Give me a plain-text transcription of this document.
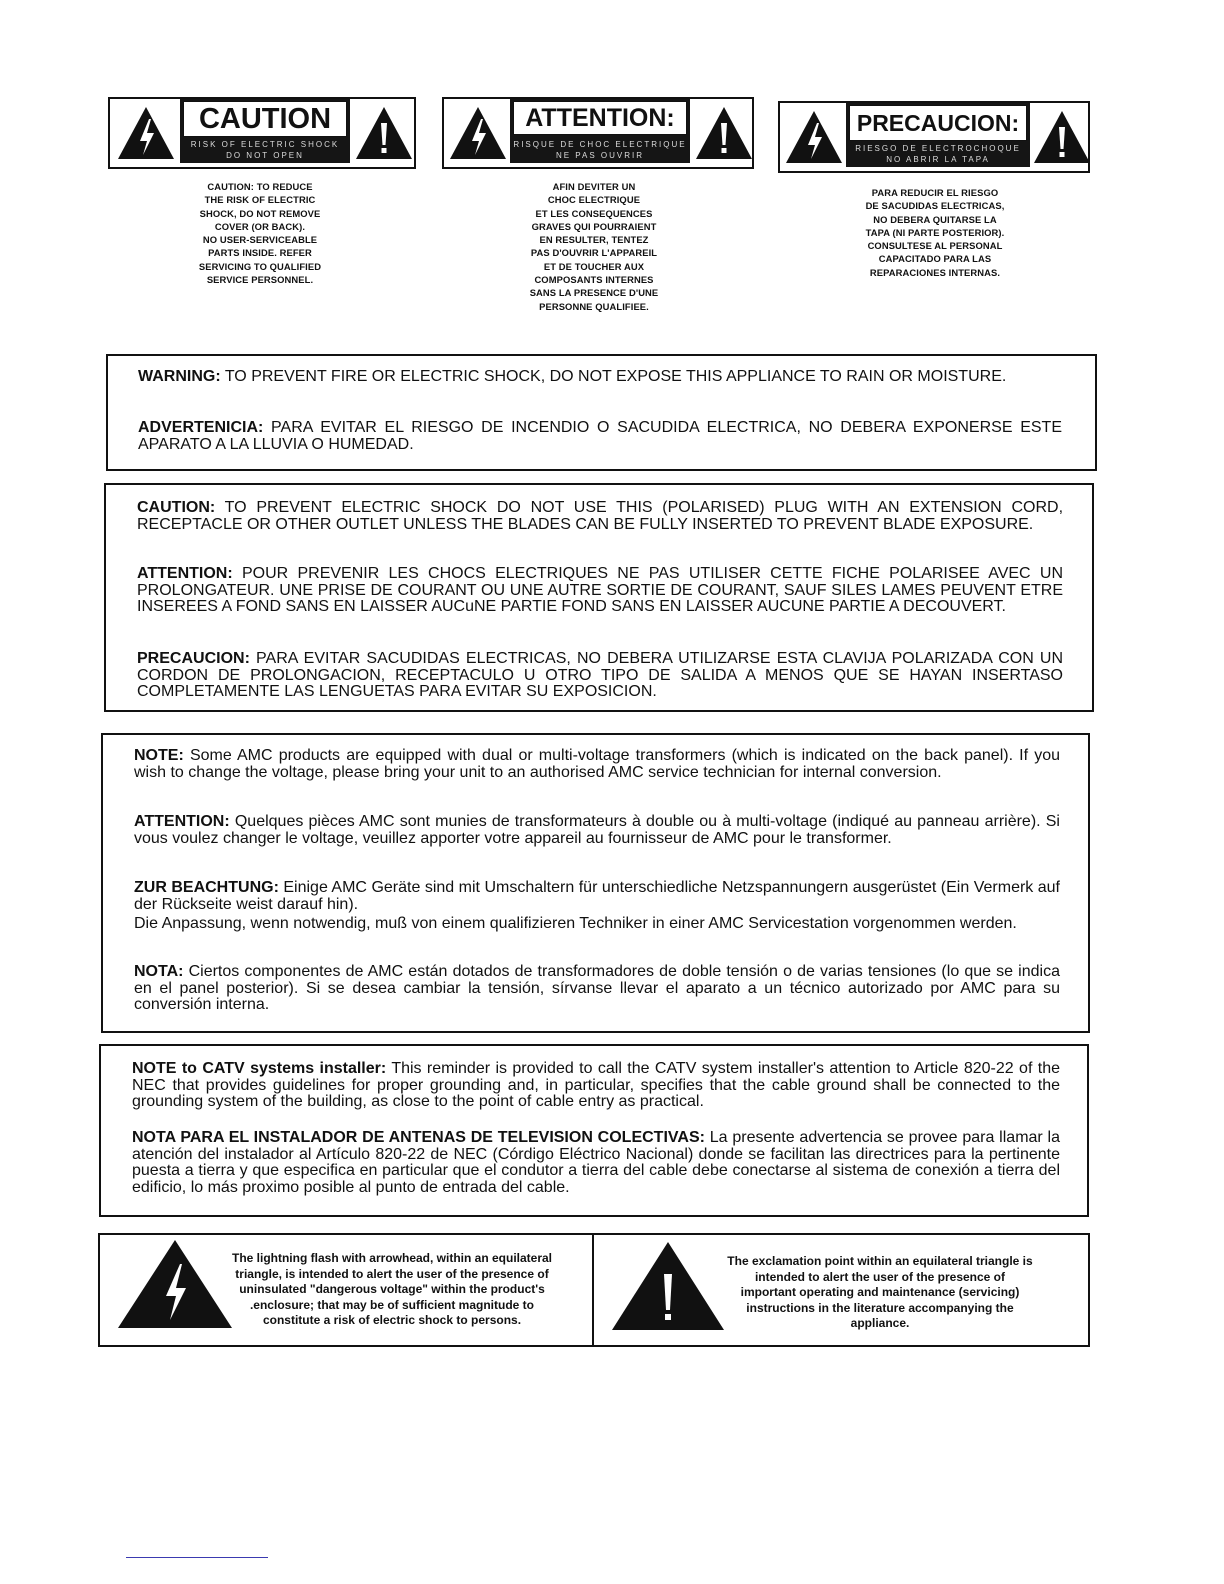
CAUTION
RISK OF ELECTRIC SHOCK
DO NOT OPEN
ATTENTION:
RISQUE DE CHOC ELECTRIQUE
NE PAS OUVRIR
PRECAUCION:
RIESGO DE ELECTROCHOQUE
NO ABRIR LA TAPA
CAUTION: TO REDUCE
THE RISK OF ELECTRIC
SHOCK, DO NOT REMOVE
COVER (OR BACK).
NO USER-SERVICEABLE
PARTS INSIDE. REFER
SERVICING TO QUALIFIED
SERVICE PERSONNEL.
AFIN DEVITER UN
CHOC ELECTRIQUE
ET LES CONSEQUENCES
GRAVES QUI POURRAIENT
EN RESULTER, TENTEZ
PAS D'OUVRIR L'APPAREIL
ET DE TOUCHER AUX
COMPOSANTS INTERNES
SANS LA PRESENCE D'UNE
PERSONNE QUALIFIEE.
PARA REDUCIR EL RIESGO
DE SACUDIDAS ELECTRICAS,
NO DEBERA QUITARSE LA
TAPA (NI PARTE POSTERIOR).
CONSULTESE AL PERSONAL
CAPACITADO PARA LAS
REPARACIONES INTERNAS.
WARNING: TO PREVENT FIRE OR ELECTRIC SHOCK, DO NOT EXPOSE THIS APPLIANCE TO RAIN OR MOISTURE.
ADVERTENICIA: PARA EVITAR EL RIESGO DE INCENDIO O SACUDIDA ELECTRICA, NO DEBERA EXPONERSE ESTE APARATO A LA LLUVIA O HUMEDAD.
CAUTION: TO PREVENT ELECTRIC SHOCK DO NOT USE THIS (POLARISED) PLUG WITH AN EXTENSION CORD, RECEPTACLE OR OTHER OUTLET UNLESS THE BLADES CAN BE FULLY INSERTED TO PREVENT BLADE EXPOSURE.
ATTENTION: POUR PREVENIR LES CHOCS ELECTRIQUES NE PAS UTILISER CETTE FICHE POLARISEE AVEC UN PROLONGATEUR. UNE PRISE DE COURANT OU UNE AUTRE SORTIE DE COURANT, SAUF SILES LAMES PEUVENT ETRE INSEREES A FOND SANS EN LAISSER AUCuNE PARTIE FOND SANS EN LAISSER AUCUNE PARTIE A DECOUVERT.
PRECAUCION: PARA EVITAR SACUDIDAS ELECTRICAS, NO DEBERA UTILIZARSE ESTA CLAVIJA POLARIZADA CON UN CORDON DE PROLONGACION, RECEPTACULO U OTRO TIPO DE SALIDA A MENOS QUE SE HAYAN INSERTASO COMPLETAMENTE LAS LENGUETAS PARA EVITAR SU EXPOSICION.
NOTE: Some AMC products are equipped with dual or multi-voltage transformers (which is indicated on the back panel). If you wish to change the voltage, please bring your unit to an authorised AMC service technician for internal conversion.
ATTENTION: Quelques pièces AMC sont munies de transformateurs à double ou à multi-voltage (indiqué au panneau arrière). Si vous voulez changer le voltage, veuillez apporter votre appareil au fournisseur de AMC pour le transformer.
ZUR BEACHTUNG: Einige AMC Geräte sind mit Umschaltern für unterschiedliche Netzspannungern ausgerüstet (Ein Vermerk auf der Rückseite weist darauf hin).
Die Anpassung, wenn notwendig, muß von einem qualifizieren Techniker in einer AMC Servicestation vorgenommen werden.
NOTA: Ciertos componentes de AMC están dotados de transformadores de doble tensión o de varias tensiones (lo que se indica en el panel posterior). Si se desea cambiar la tensión, sírvanse llevar el aparato a un técnico autorizado por AMC para su conversión interna.
NOTE to CATV systems installer: This reminder is provided to call the CATV system installer's attention to Article 820-22 of the NEC that provides guidelines for proper grounding and, in particular, specifies that the cable ground shall be connected to the grounding system of the building, as close to the point of cable entry as practical.
NOTA PARA EL INSTALADOR DE ANTENAS DE TELEVISION COLECTIVAS: La presente advertencia se provee para llamar la atención del instalador al Artículo 820-22 de NEC (Córdigo Eléctrico Nacional) donde se facilitan las directrices para la pertinente puesta a tierra y que especifica en particular que el condutor a tierra del cable debe conectarse al sistema de conexión a tierra del edificio, lo más proximo posible al punto de entrada del cable.
The lightning flash with arrowhead, within an equilateral
triangle, is intended to alert the user of the presence of
uninsulated "dangerous voltage" within the product's
.enclosure; that may be of sufficient magnitude to
constitute a risk of electric shock to persons.
The exclamation point within an equilateral triangle is
intended to alert the user of the presence of
important operating and maintenance (servicing)
instructions in the literature accompanying the
appliance.
